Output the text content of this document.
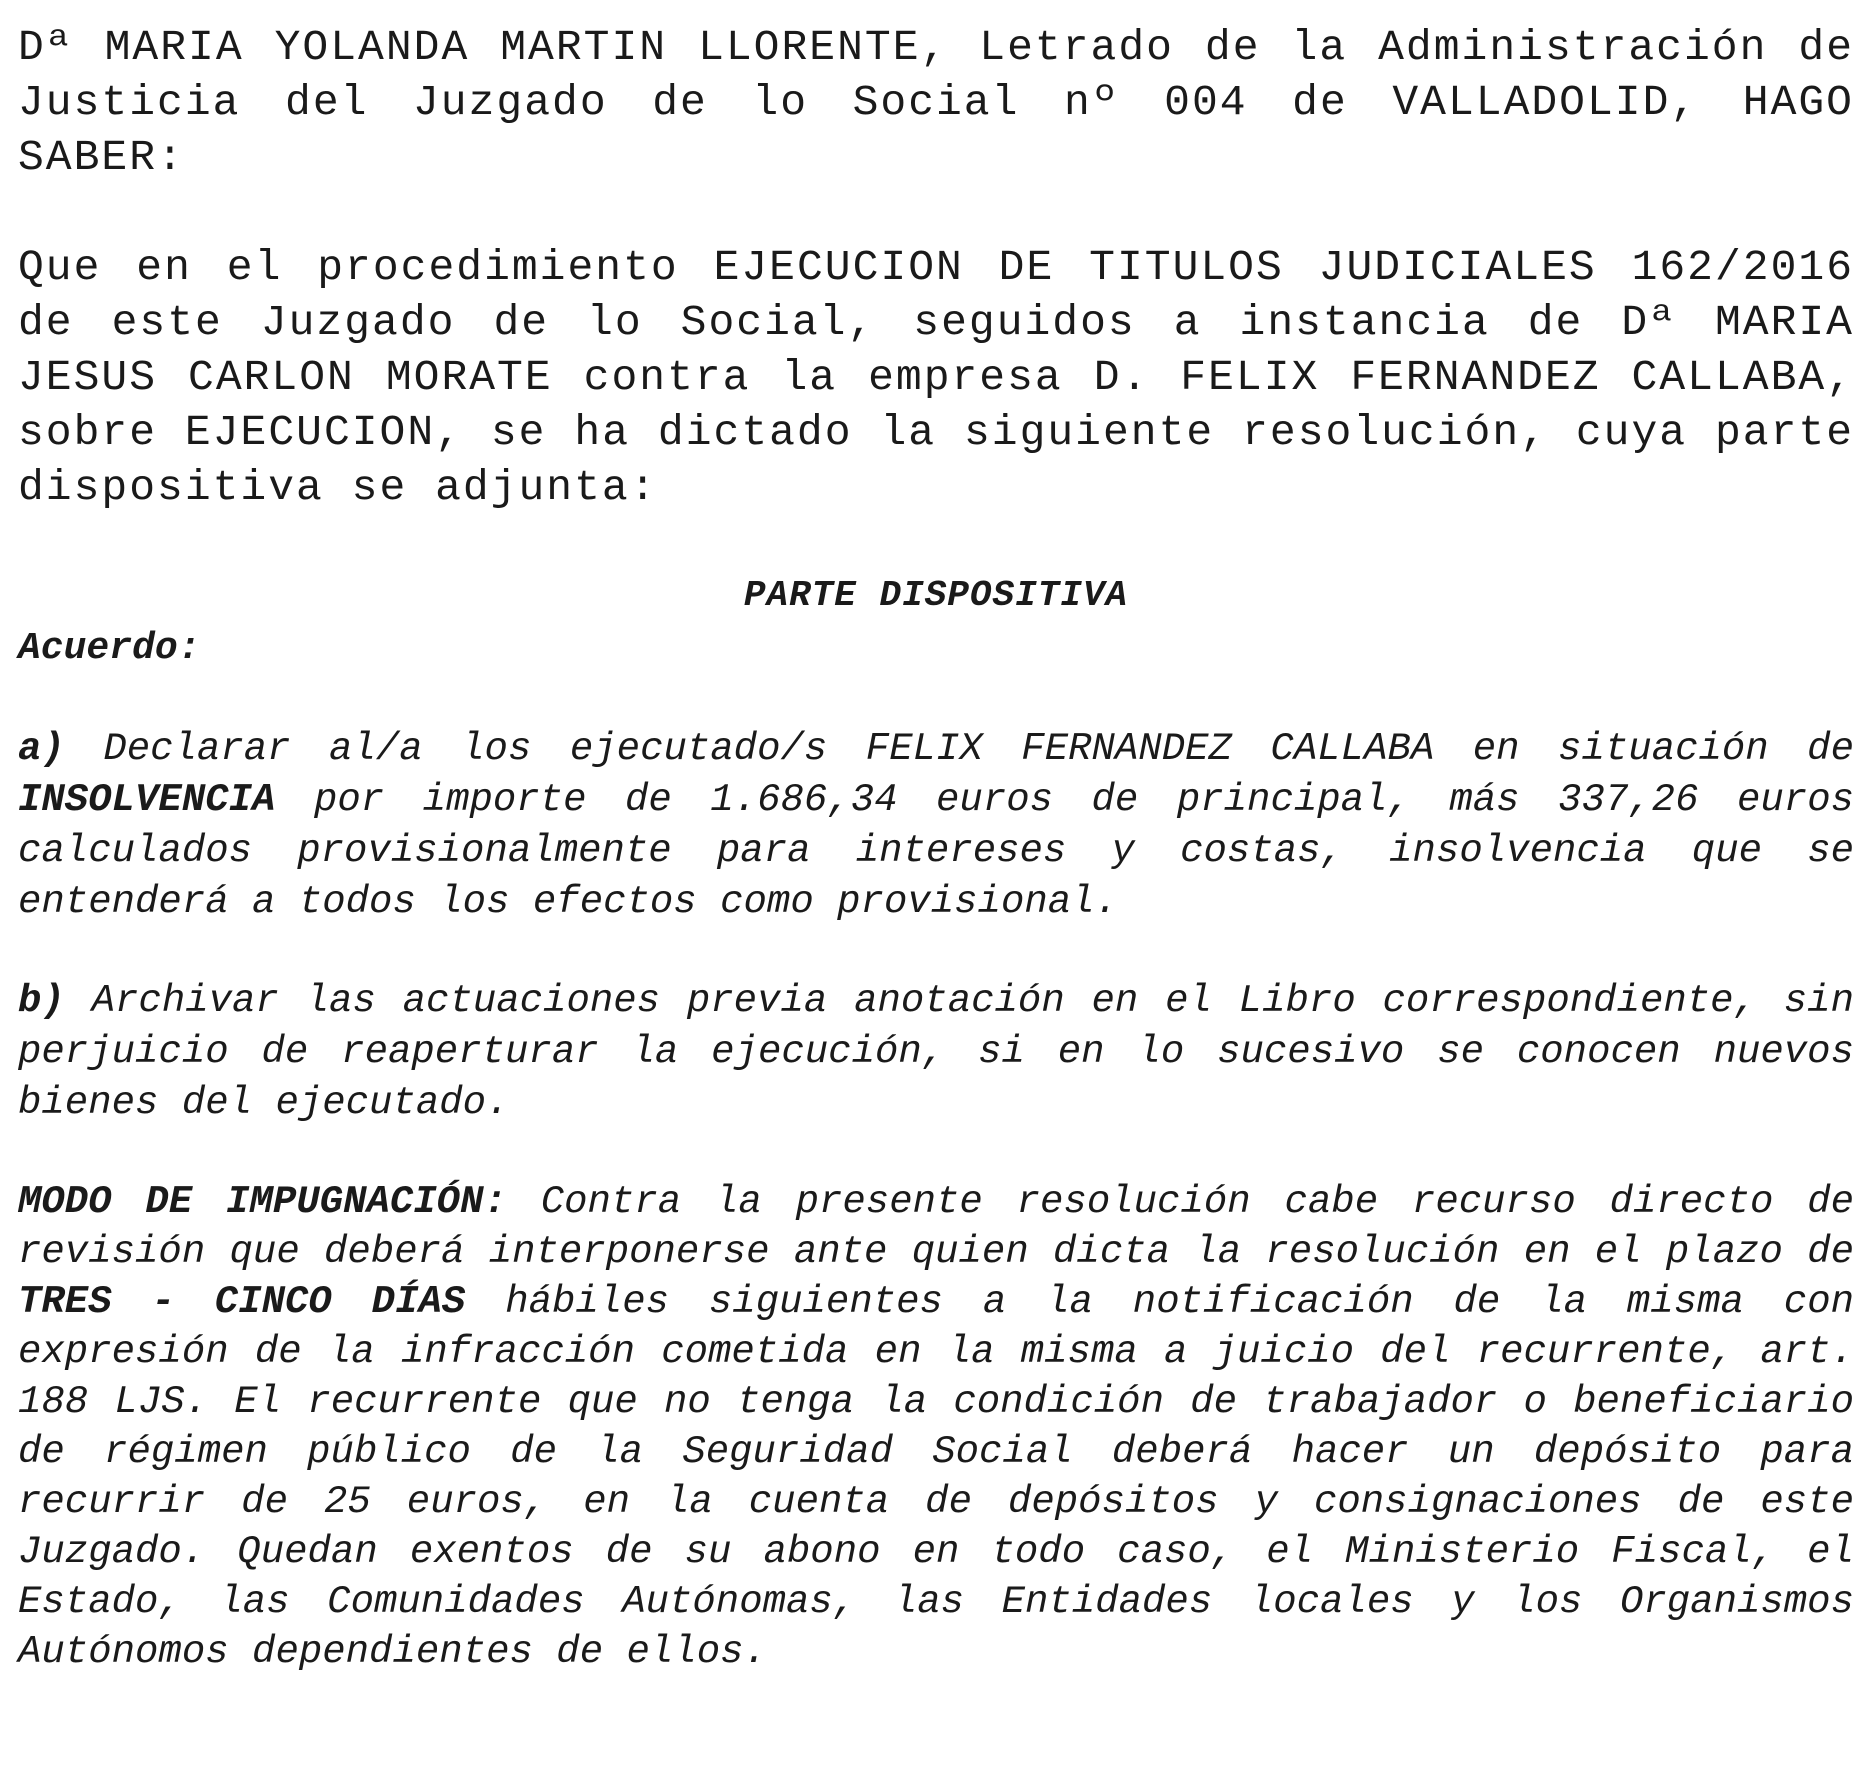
Dª MARIA YOLANDA MARTIN LLORENTE, Letrado de la Administración de Justicia del Juzgado de lo Social nº 004 de VALLADOLID, HAGO SABER:

Que en el procedimiento EJECUCION DE TITULOS JUDICIALES 162/2016 de este Juzgado de lo Social, seguidos a instancia de Dª MARIA JESUS CARLON MORATE contra la empresa D. FELIX FERNANDEZ CALLABA, sobre EJECUCION, se ha dictado la siguiente resolución, cuya parte dispositiva se adjunta:

PARTE DISPOSITIVA

Acuerdo:

a) Declarar al/a los ejecutado/s FELIX FERNANDEZ CALLABA en situación de INSOLVENCIA por importe de 1.686,34 euros de principal, más 337,26 euros calculados provisionalmente para intereses y costas, insolvencia que se entenderá a todos los efectos como provisional.

b) Archivar las actuaciones previa anotación en el Libro correspondiente, sin perjuicio de reaperturar la ejecución, si en lo sucesivo se conocen nuevos bienes del ejecutado.

MODO DE IMPUGNACIÓN: Contra la presente resolución cabe recurso directo de revisión que deberá interponerse ante quien dicta la resolución en el plazo de TRES - CINCO DÍAS hábiles siguientes a la notificación de la misma con expresión de la infracción cometida en la misma a juicio del recurrente, art. 188 LJS. El recurrente que no tenga la condición de trabajador o beneficiario de régimen público de la Seguridad Social deberá hacer un depósito para recurrir de 25 euros, en la cuenta de depósitos y consignaciones de este Juzgado. Quedan exentos de su abono en todo caso, el Ministerio Fiscal, el Estado, las Comunidades Autónomas, las Entidades locales y los Organismos Autónomos dependientes de ellos.
